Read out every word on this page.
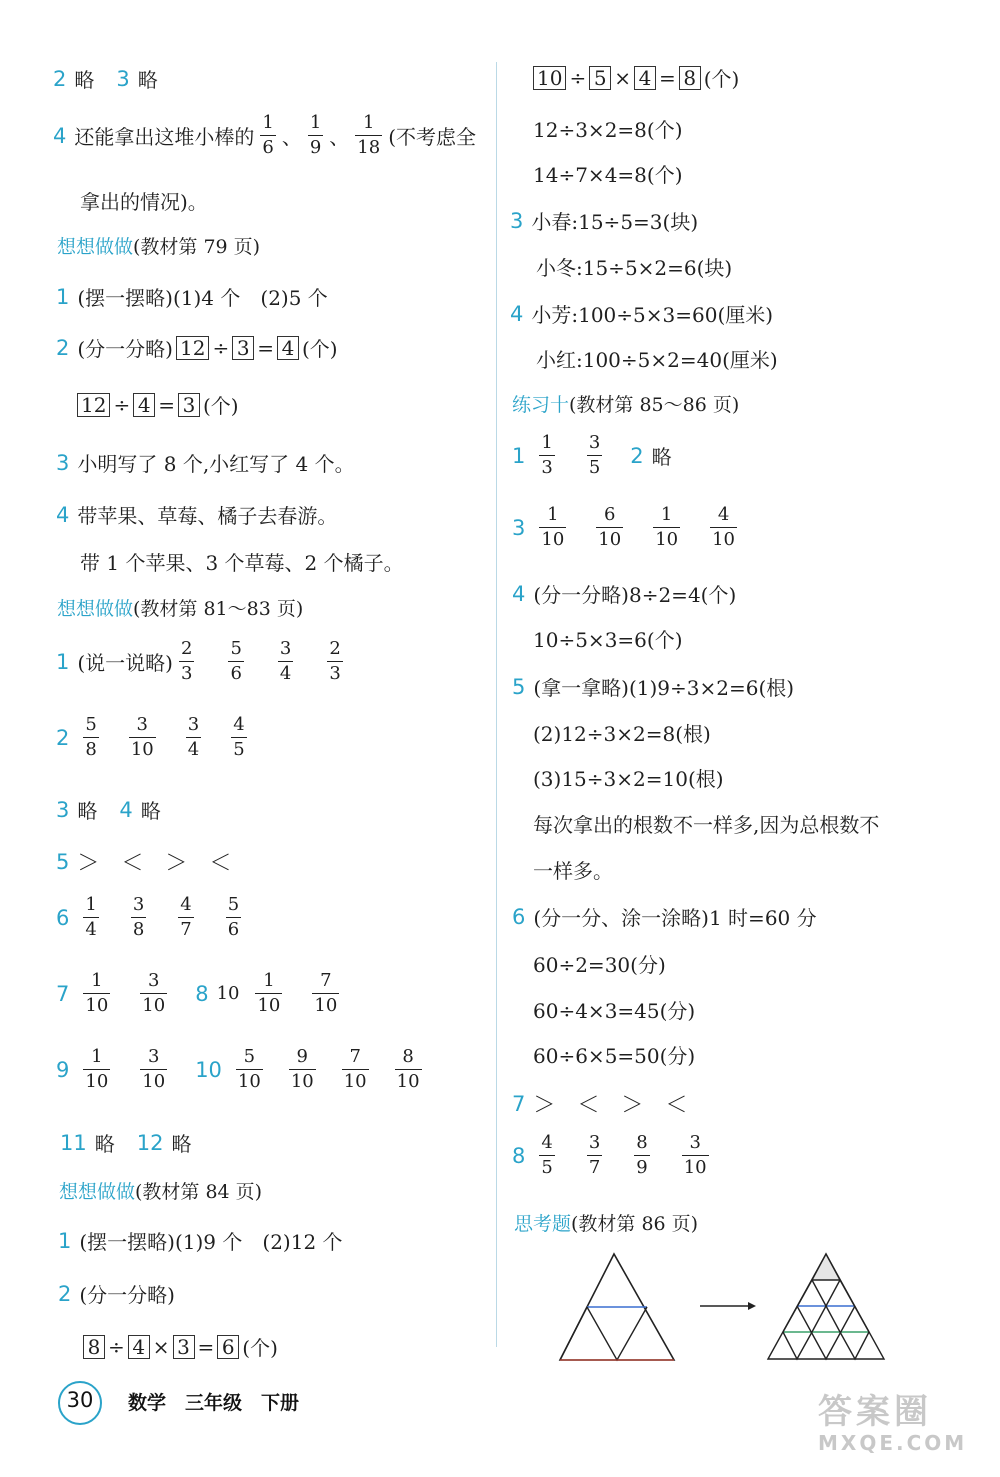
2 略 3 略
4 还能拿出这堆小棒的 $\frac{1}{6}$ 、 $\frac{1}{9}$ 、 $\frac{1}{18}$ (不考虑全
拿出的情况)。
想想做做(教材第 79 页)
1 (摆一摆略)(1)4 个　(2)5 个
2 (分一分略) 12 ÷ 3 = 4 (个)
12 ÷ 4 = 3 (个)
3 小明写了 8 个,小红写了 4 个。
4 带苹果、草莓、橘子去春游。
带 1 个苹果、3 个草莓、2 个橘子。
想想做做(教材第 81～83 页)
1 (说一说略) $\frac{2}{3} \frac{5}{6} \frac{3}{4} \frac{2}{3}$
$2 \frac{5}{8} \frac{3}{10} \frac{3}{4} \frac{4}{5}$
3 略 4 略
5 ＞　＜　＞　＜
$6 \frac{1}{4} \frac{3}{8} \frac{4}{7} \frac{5}{6}$
$7 \frac{1}{10} \frac{3}{10} 8$ $10 \frac{1}{10} \frac{7}{10}$
$9 \frac{1}{10} \frac{3}{10} 10 \frac{5}{10} \frac{9}{10} \frac{7}{10} \frac{8}{10}$
11 略 12 略
想想做做(教材第 84 页)
1 (摆一摆略)(1)9 个　(2)12 个
2 (分一分略)
8 ÷ 4 × 3 = 6 (个)
10 ÷ 5 × 4 = 8 (个)
12÷3×2=8(个)
14÷7×4=8(个)
3 小春:15÷5=3(块)
小冬:15÷5×2=6(块)
4 小芳:100÷5×3=60(厘米)
小红:100÷5×2=40(厘米)
练习十(教材第 85～86 页)
$1 \frac{1}{3} \frac{3}{5} 2$ 略
$3 \frac{1}{10} \frac{6}{10} \frac{1}{10} \frac{4}{10}$
4 (分一分略)8÷2=4(个)
10÷5×3=6(个)
5 (拿一拿略)(1)9÷3×2=6(根)
(2)12÷3×2=8(根)
(3)15÷3×2=10(根)
每次拿出的根数不一样多,因为总根数不
一样多。
6 (分一分、涂一涂略)1 时=60 分
60÷2=30(分)
60÷4×3=45(分)
60÷6×5=50(分)
7 ＞　＜　＞　＜
$8 \frac{4}{5} \frac{3}{7} \frac{8}{9} \frac{3}{10}$
思考题(教材第 86 页)
30	数学　三年级　下册	答案圈
MXQE.COM
